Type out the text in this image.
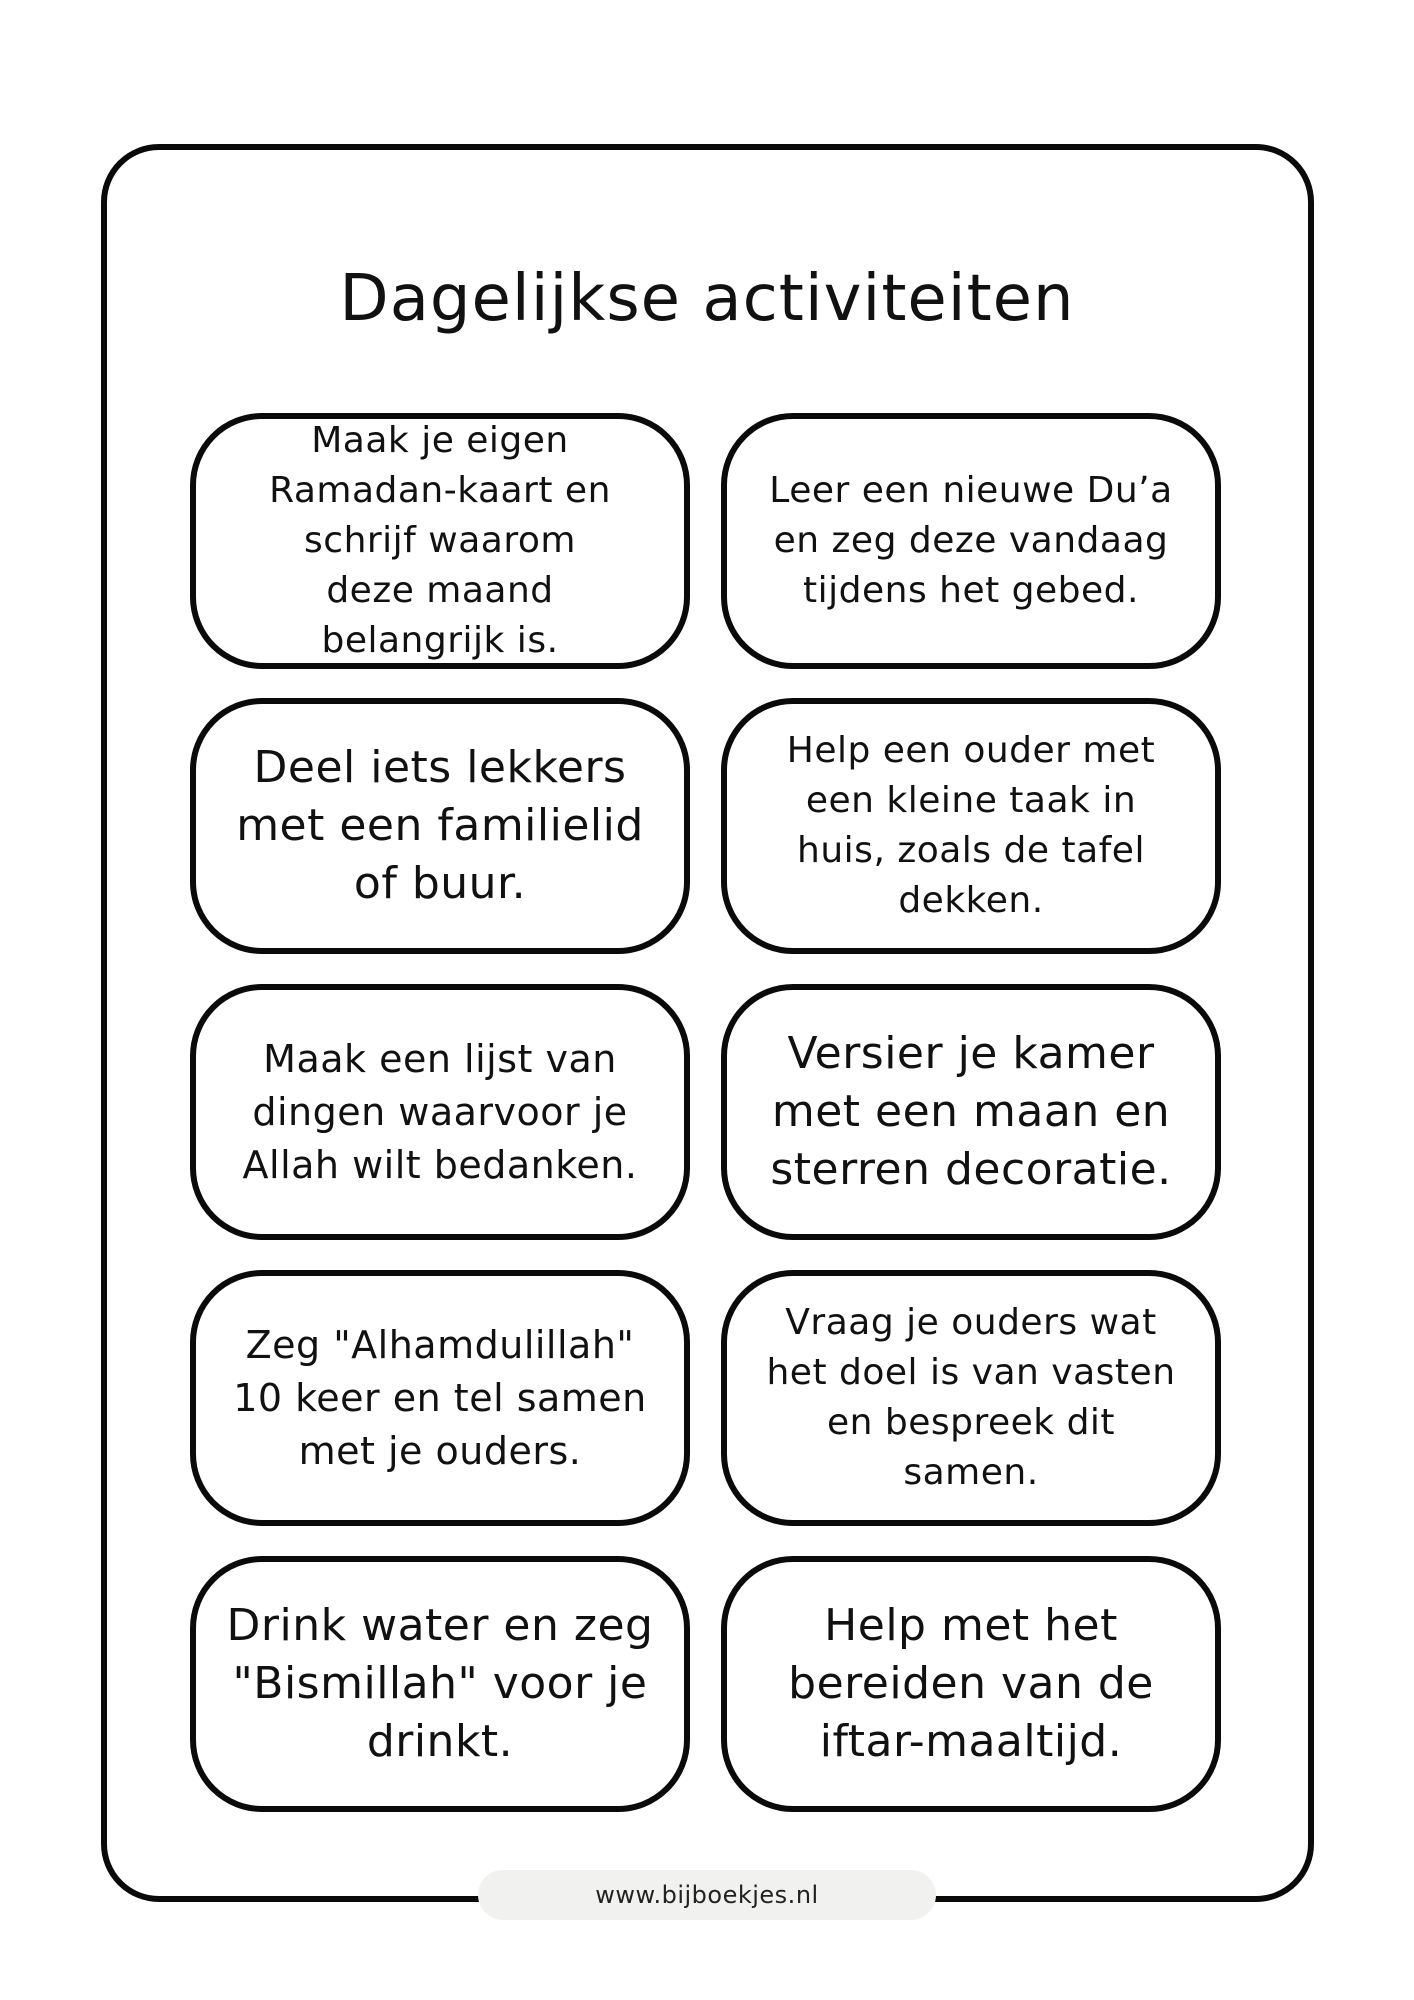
Dagelijkse activiteiten
Maak je eigen Ramadan-kaart en schrijf waarom deze maand belangrijk is.
Leer een nieuwe Du’a en zeg deze vandaag tijdens het gebed.
Deel iets lekkers met een familielid of buur.
Help een ouder met een kleine taak in huis, zoals de tafel dekken.
Maak een lijst van dingen waarvoor je Allah wilt bedanken.
Versier je kamer met een maan en sterren decoratie.
Zeg "Alhamdulillah" 10 keer en tel samen met je ouders.
Vraag je ouders wat het doel is van vasten en bespreek dit samen.
Drink water en zeg "Bismillah" voor je drinkt.
Help met het bereiden van de iftar-maaltijd.
www.bijboekjes.nl
